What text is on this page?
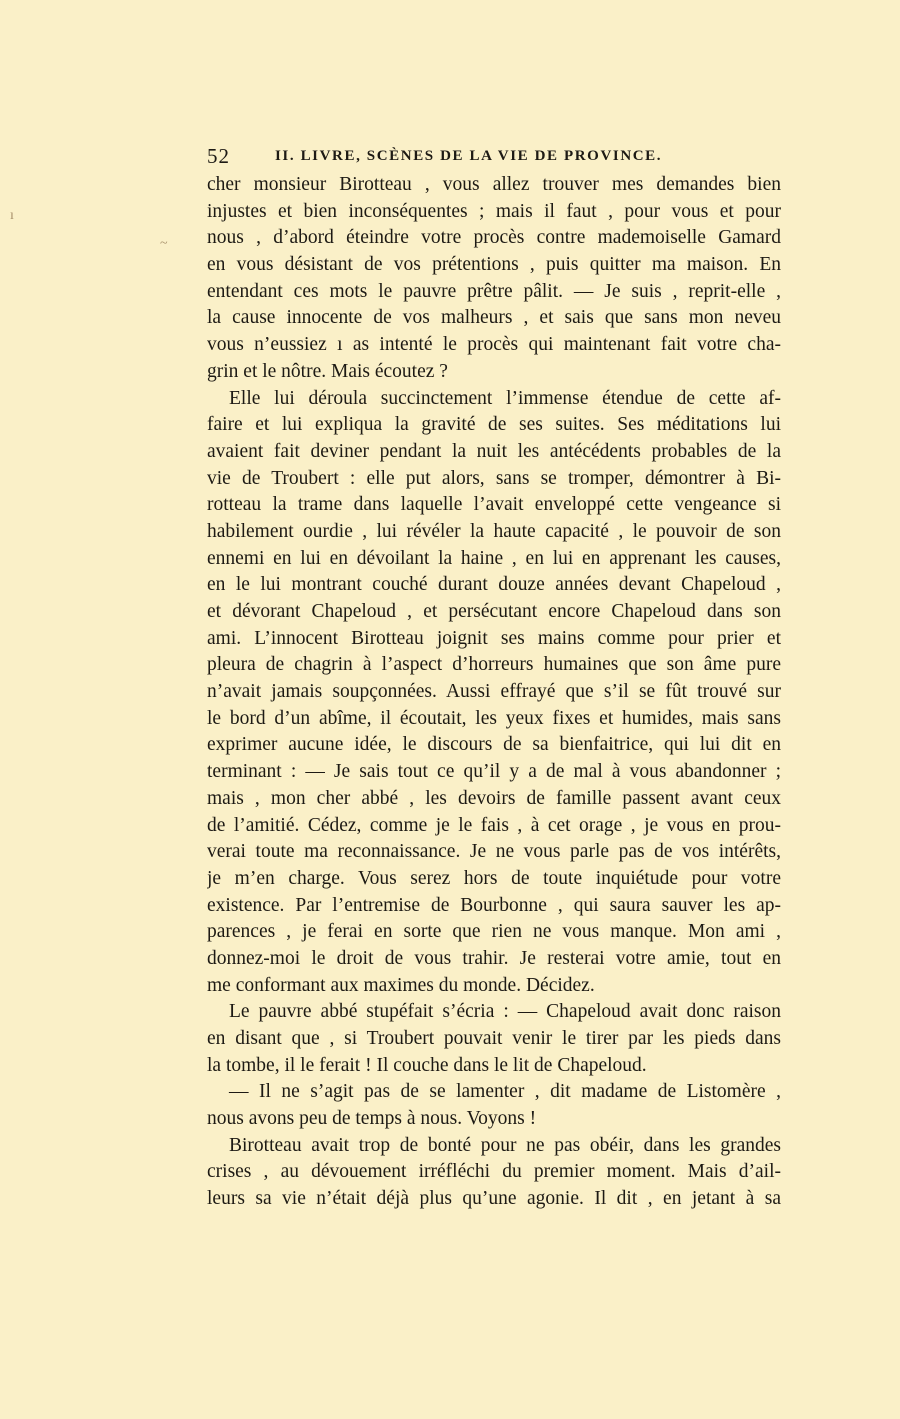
ı
~
52	II. LIVRE, SCÈNES DE LA VIE DE PROVINCE.
cher monsieur Birotteau , vous allez trouver mes demandes bien
injustes et bien inconséquentes ; mais il faut , pour vous et pour
nous , d’abord éteindre votre procès contre mademoiselle Gamard
en vous désistant de vos prétentions , puis quitter ma maison. En
entendant ces mots le pauvre prêtre pâlit. — Je suis , reprit-elle ,
la cause innocente de vos malheurs , et sais que sans mon neveu
vous n’eussiez ı as intenté le procès qui maintenant fait votre cha-
grin et le nôtre. Mais écoutez ?
Elle lui déroula succinctement l’immense étendue de cette af-
faire et lui expliqua la gravité de ses suites. Ses méditations lui
avaient fait deviner pendant la nuit les antécédents probables de la
vie de Troubert : elle put alors, sans se tromper, démontrer à Bi-
rotteau la trame dans laquelle l’avait enveloppé cette vengeance si
habilement ourdie , lui révéler la haute capacité , le pouvoir de son
ennemi en lui en dévoilant la haine , en lui en apprenant les causes,
en le lui montrant couché durant douze années devant Chapeloud ,
et dévorant Chapeloud , et persécutant encore Chapeloud dans son
ami. L’innocent Birotteau joignit ses mains comme pour prier et
pleura de chagrin à l’aspect d’horreurs humaines que son âme pure
n’avait jamais soupçonnées. Aussi effrayé que s’il se fût trouvé sur
le bord d’un abîme, il écoutait, les yeux fixes et humides, mais sans
exprimer aucune idée, le discours de sa bienfaitrice, qui lui dit en
terminant : — Je sais tout ce qu’il y a de mal à vous abandonner ;
mais , mon cher abbé , les devoirs de famille passent avant ceux
de l’amitié. Cédez, comme je le fais , à cet orage , je vous en prou-
verai toute ma reconnaissance. Je ne vous parle pas de vos intérêts,
je m’en charge. Vous serez hors de toute inquiétude pour votre
existence. Par l’entremise de Bourbonne , qui saura sauver les ap-
parences , je ferai en sorte que rien ne vous manque. Mon ami ,
donnez-moi le droit de vous trahir. Je resterai votre amie, tout en
me conformant aux maximes du monde. Décidez.
Le pauvre abbé stupéfait s’écria : — Chapeloud avait donc raison
en disant que , si Troubert pouvait venir le tirer par les pieds dans
la tombe, il le ferait ! Il couche dans le lit de Chapeloud.
— Il ne s’agit pas de se lamenter , dit madame de Listomère ,
nous avons peu de temps à nous. Voyons !
Birotteau avait trop de bonté pour ne pas obéir, dans les grandes
crises , au dévouement irréfléchi du premier moment. Mais d’ail-
leurs sa vie n’était déjà plus qu’une agonie. Il dit , en jetant à sa
